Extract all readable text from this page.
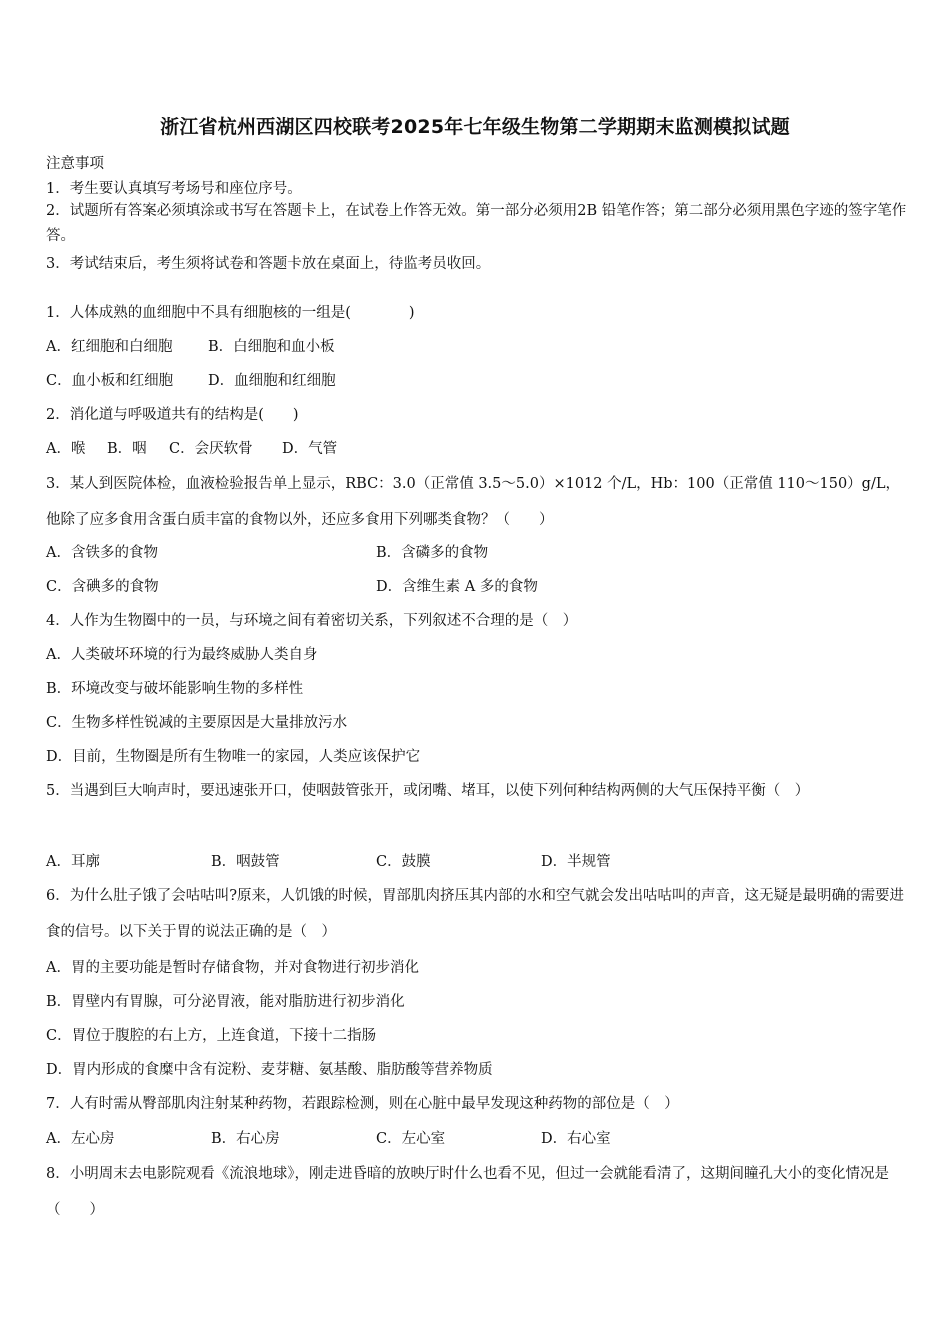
浙江省杭州西湖区四校联考2025年七年级生物第二学期期末监测模拟试题
注意事项
1．考生要认真填写考场号和座位序号。
2．试题所有答案必须填涂或书写在答题卡上，在试卷上作答无效。第一部分必须用2B 铅笔作答；第二部分必须用黑色字迹的签字笔作答。
3．考试结束后，考生须将试卷和答题卡放在桌面上，待监考员收回。
1．人体成熟的血细胞中不具有细胞核的一组是(　　　　)
A．红细胞和白细胞 B．白细胞和血小板
C．血小板和红细胞 D．血细胞和红细胞
2．消化道与呼吸道共有的结构是(　　)
A．喉 B．咽 C．会厌软骨 D．气管
3．某人到医院体检，血液检验报告单上显示，RBC：3.0（正常值 3.5～5.0）×1012 个/L，Hb：100（正常值 110～150）g/L，他除了应多食用含蛋白质丰富的食物以外，还应多食用下列哪类食物？（　　）
A．含铁多的食物	B．含磷多的食物
C．含碘多的食物	D．含维生素 A 多的食物
4．人作为生物圈中的一员，与环境之间有着密切关系，下列叙述不合理的是（　）
A．人类破坏环境的行为最终威胁人类自身
B．环境改变与破坏能影响生物的多样性
C．生物多样性锐减的主要原因是大量排放污水
D．目前，生物圈是所有生物唯一的家园，人类应该保护它
5．当遇到巨大响声时，要迅速张开口，使咽鼓管张开，或闭嘴、堵耳，以使下列何种结构两侧的大气压保持平衡（　）
A．耳廓	B．咽鼓管	C．鼓膜	D．半规管
6．为什么肚子饿了会咕咕叫?原来，人饥饿的时候，胃部肌肉挤压其内部的水和空气就会发出咕咕叫的声音，这无疑是最明确的需要进食的信号。以下关于胃的说法正确的是（　）
A．胃的主要功能是暂时存储食物，并对食物进行初步消化
B．胃壁内有胃腺，可分泌胃液，能对脂肪进行初步消化
C．胃位于腹腔的右上方，上连食道，下接十二指肠
D．胃内形成的食糜中含有淀粉、麦芽糖、氨基酸、脂肪酸等营养物质
7．人有时需从臀部肌肉注射某种药物，若跟踪检测，则在心脏中最早发现这种药物的部位是（　）
A．左心房	B．右心房	C．左心室	D．右心室
8．小明周末去电影院观看《流浪地球》，刚走进昏暗的放映厅时什么也看不见，但过一会就能看清了，这期间瞳孔大小的变化情况是（　　）
